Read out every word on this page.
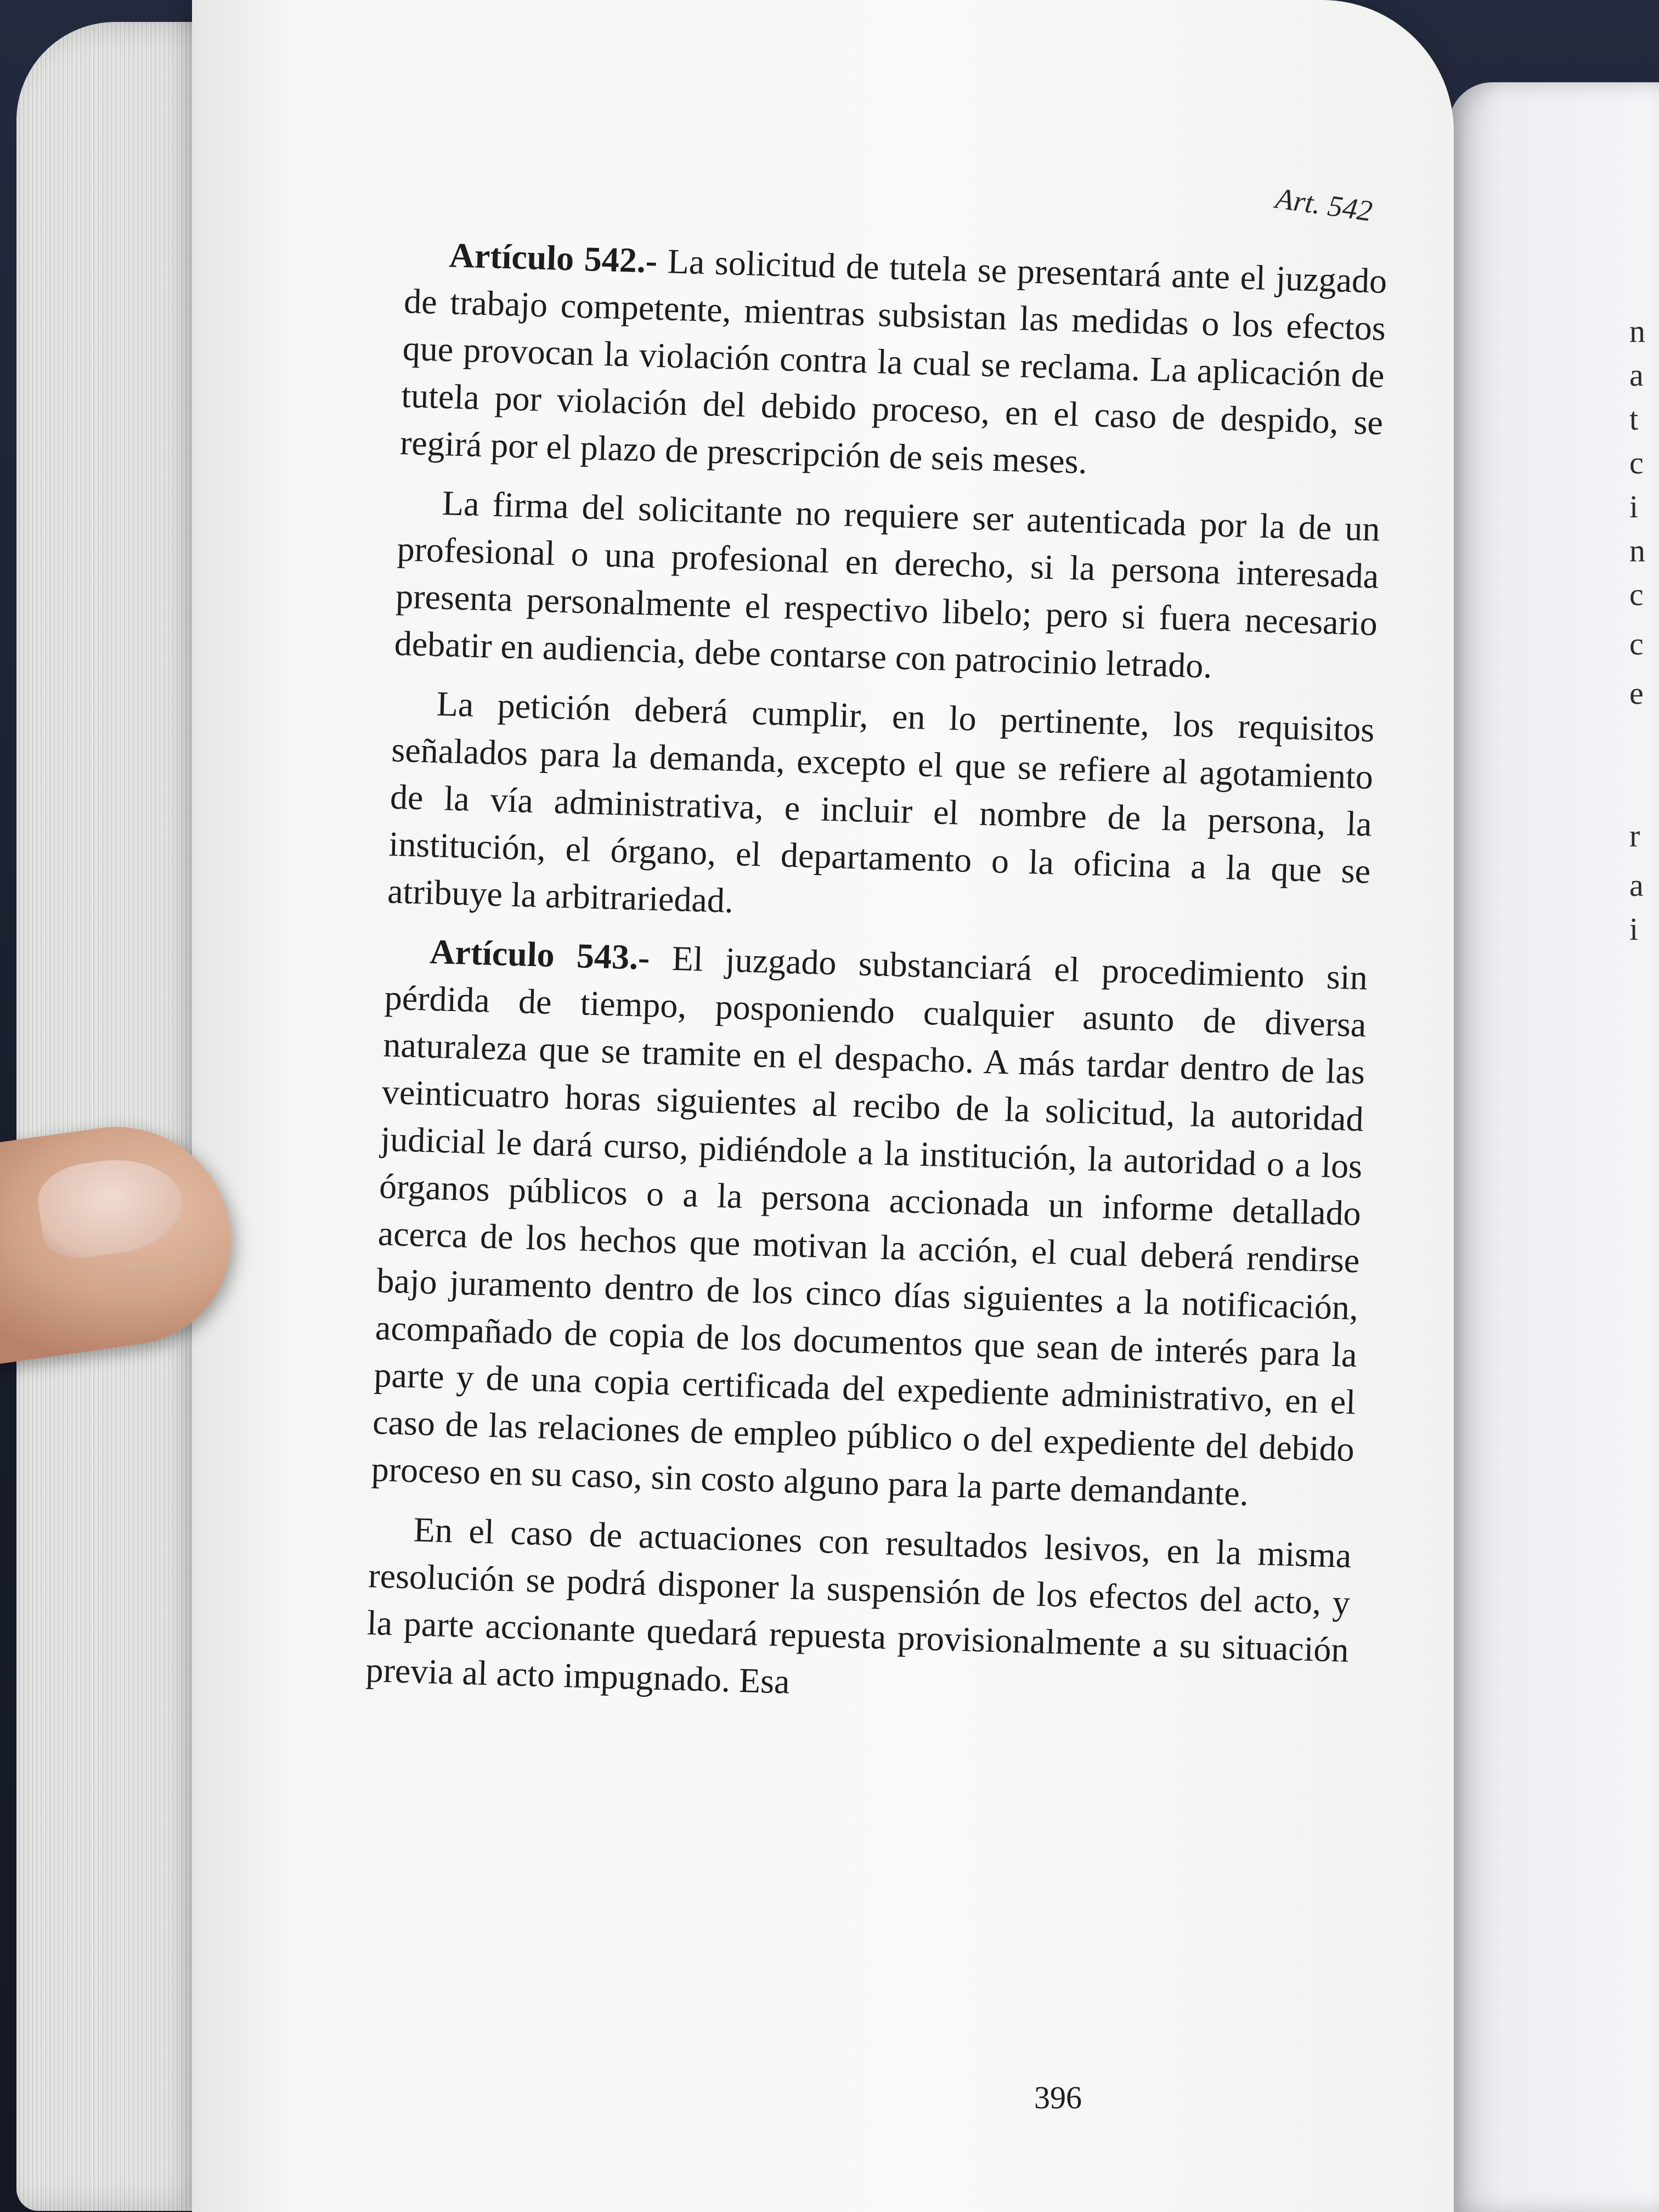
n
a
t
c
i
n
c
c
e
r
a
i
Art. 542

Artículo 542.- La solicitud de tutela se presentará ante el juzgado de trabajo competente, mientras subsistan las medidas o los efectos que provocan la violación contra la cual se reclama. La aplicación de tutela por violación del debido proceso, en el caso de despido, se regirá por el plazo de prescripción de seis meses.

La firma del solicitante no requiere ser autenticada por la de un profesional o una profesional en derecho, si la persona interesada presenta personalmente el respectivo libelo; pero si fuera necesario debatir en audiencia, debe contarse con patrocinio letrado.

La petición deberá cumplir, en lo pertinente, los requisitos señalados para la demanda, excepto el que se refiere al agotamiento de la vía administrativa, e incluir el nombre de la persona, la institución, el órgano, el departamento o la oficina a la que se atribuye la arbitrariedad.

Artículo 543.- El juzgado substanciará el procedimiento sin pérdida de tiempo, posponiendo cualquier asunto de diversa naturaleza que se tramite en el despacho. A más tardar dentro de las veinticuatro horas siguientes al recibo de la solicitud, la autoridad judicial le dará curso, pidiéndole a la institución, la autoridad o a los órganos públicos o a la persona accionada un informe detallado acerca de los hechos que motivan la acción, el cual deberá rendirse bajo juramento dentro de los cinco días siguientes a la notificación, acompañado de copia de los documentos que sean de interés para la parte y de una copia certificada del expediente administrativo, en el caso de las relaciones de empleo público o del expediente del debido proceso en su caso, sin costo alguno para la parte demandante.

En el caso de actuaciones con resultados lesivos, en la misma resolución se podrá disponer la suspensión de los efectos del acto, y la parte accionante quedará repuesta provisionalmente a su situación previa al acto impugnado. Esa

396
